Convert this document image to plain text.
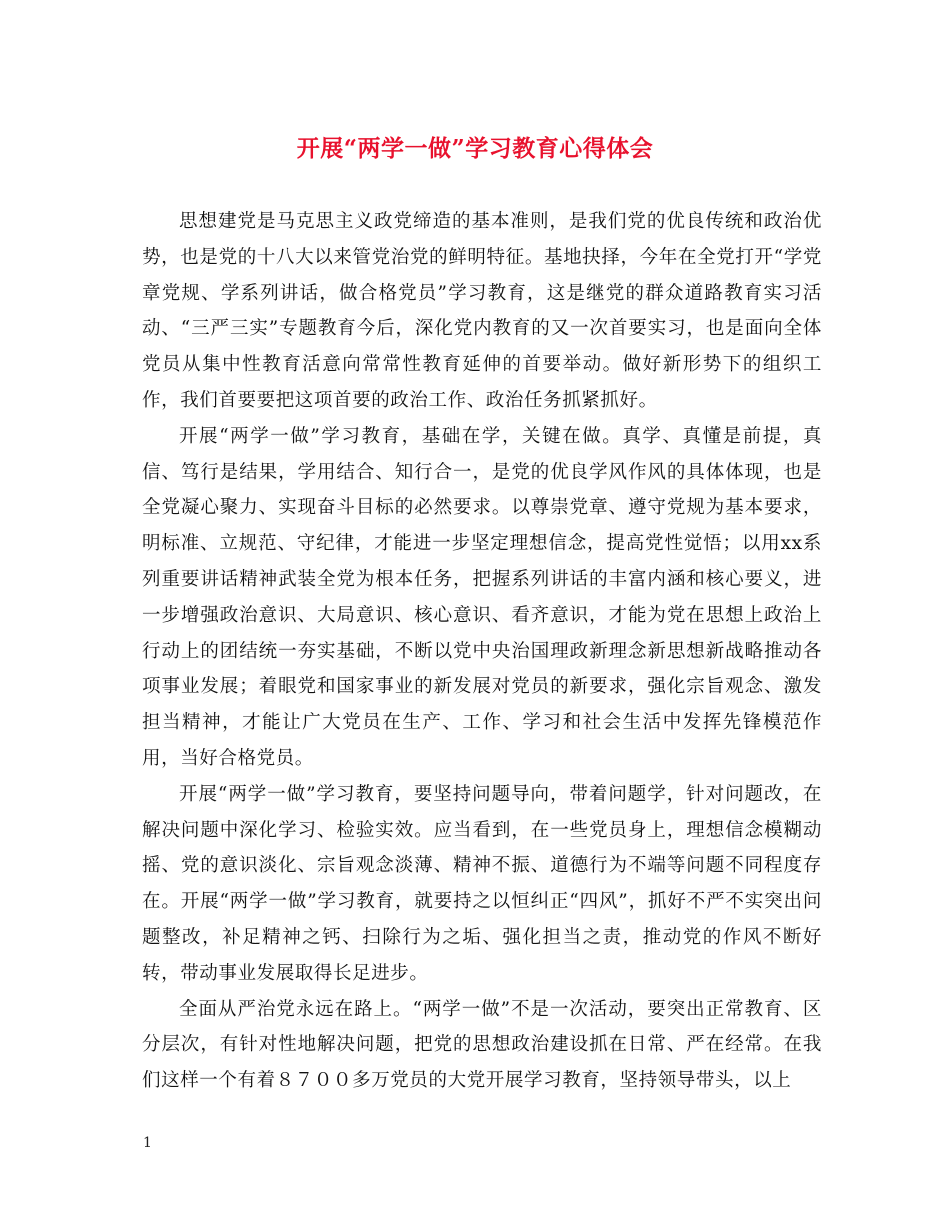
开展“两学一做”学习教育心得体会

思想建党是马克思主义政党缔造的基本准则，是我们党的优良传统和政治优势，也是党的十八大以来管党治党的鲜明特征。基地抉择，今年在全党打开“学党章党规、学系列讲话，做合格党员”学习教育，这是继党的群众道路教育实习活动、“三严三实”专题教育今后，深化党内教育的又一次首要实习，也是面向全体党员从集中性教育活意向常常性教育延伸的首要举动。做好新形势下的组织工作，我们首要要把这项首要的政治工作、政治任务抓紧抓好。

开展“两学一做”学习教育，基础在学，关键在做。真学、真懂是前提，真信、笃行是结果，学用结合、知行合一，是党的优良学风作风的具体体现，也是全党凝心聚力、实现奋斗目标的必然要求。以尊崇党章、遵守党规为基本要求，明标准、立规范、守纪律，才能进一步坚定理想信念，提高党性觉悟；以用xx系列重要讲话精神武装全党为根本任务，把握系列讲话的丰富内涵和核心要义，进一步增强政治意识、大局意识、核心意识、看齐意识，才能为党在思想上政治上行动上的团结统一夯实基础，不断以党中央治国理政新理念新思想新战略推动各项事业发展；着眼党和国家事业的新发展对党员的新要求，强化宗旨观念、激发担当精神，才能让广大党员在生产、工作、学习和社会生活中发挥先锋模范作用，当好合格党员。

开展“两学一做”学习教育，要坚持问题导向，带着问题学，针对问题改，在解决问题中深化学习、检验实效。应当看到，在一些党员身上，理想信念模糊动摇、党的意识淡化、宗旨观念淡薄、精神不振、道德行为不端等问题不同程度存在。开展“两学一做”学习教育，就要持之以恒纠正“四风”，抓好不严不实突出问题整改，补足精神之钙、扫除行为之垢、强化担当之责，推动党的作风不断好转，带动事业发展取得长足进步。

全面从严治党永远在路上。“两学一做”不是一次活动，要突出正常教育、区分层次，有针对性地解决问题，把党的思想政治建设抓在日常、严在经常。在我们这样一个有着８７００多万党员的大党开展学习教育，坚持领导带头，以上

1
